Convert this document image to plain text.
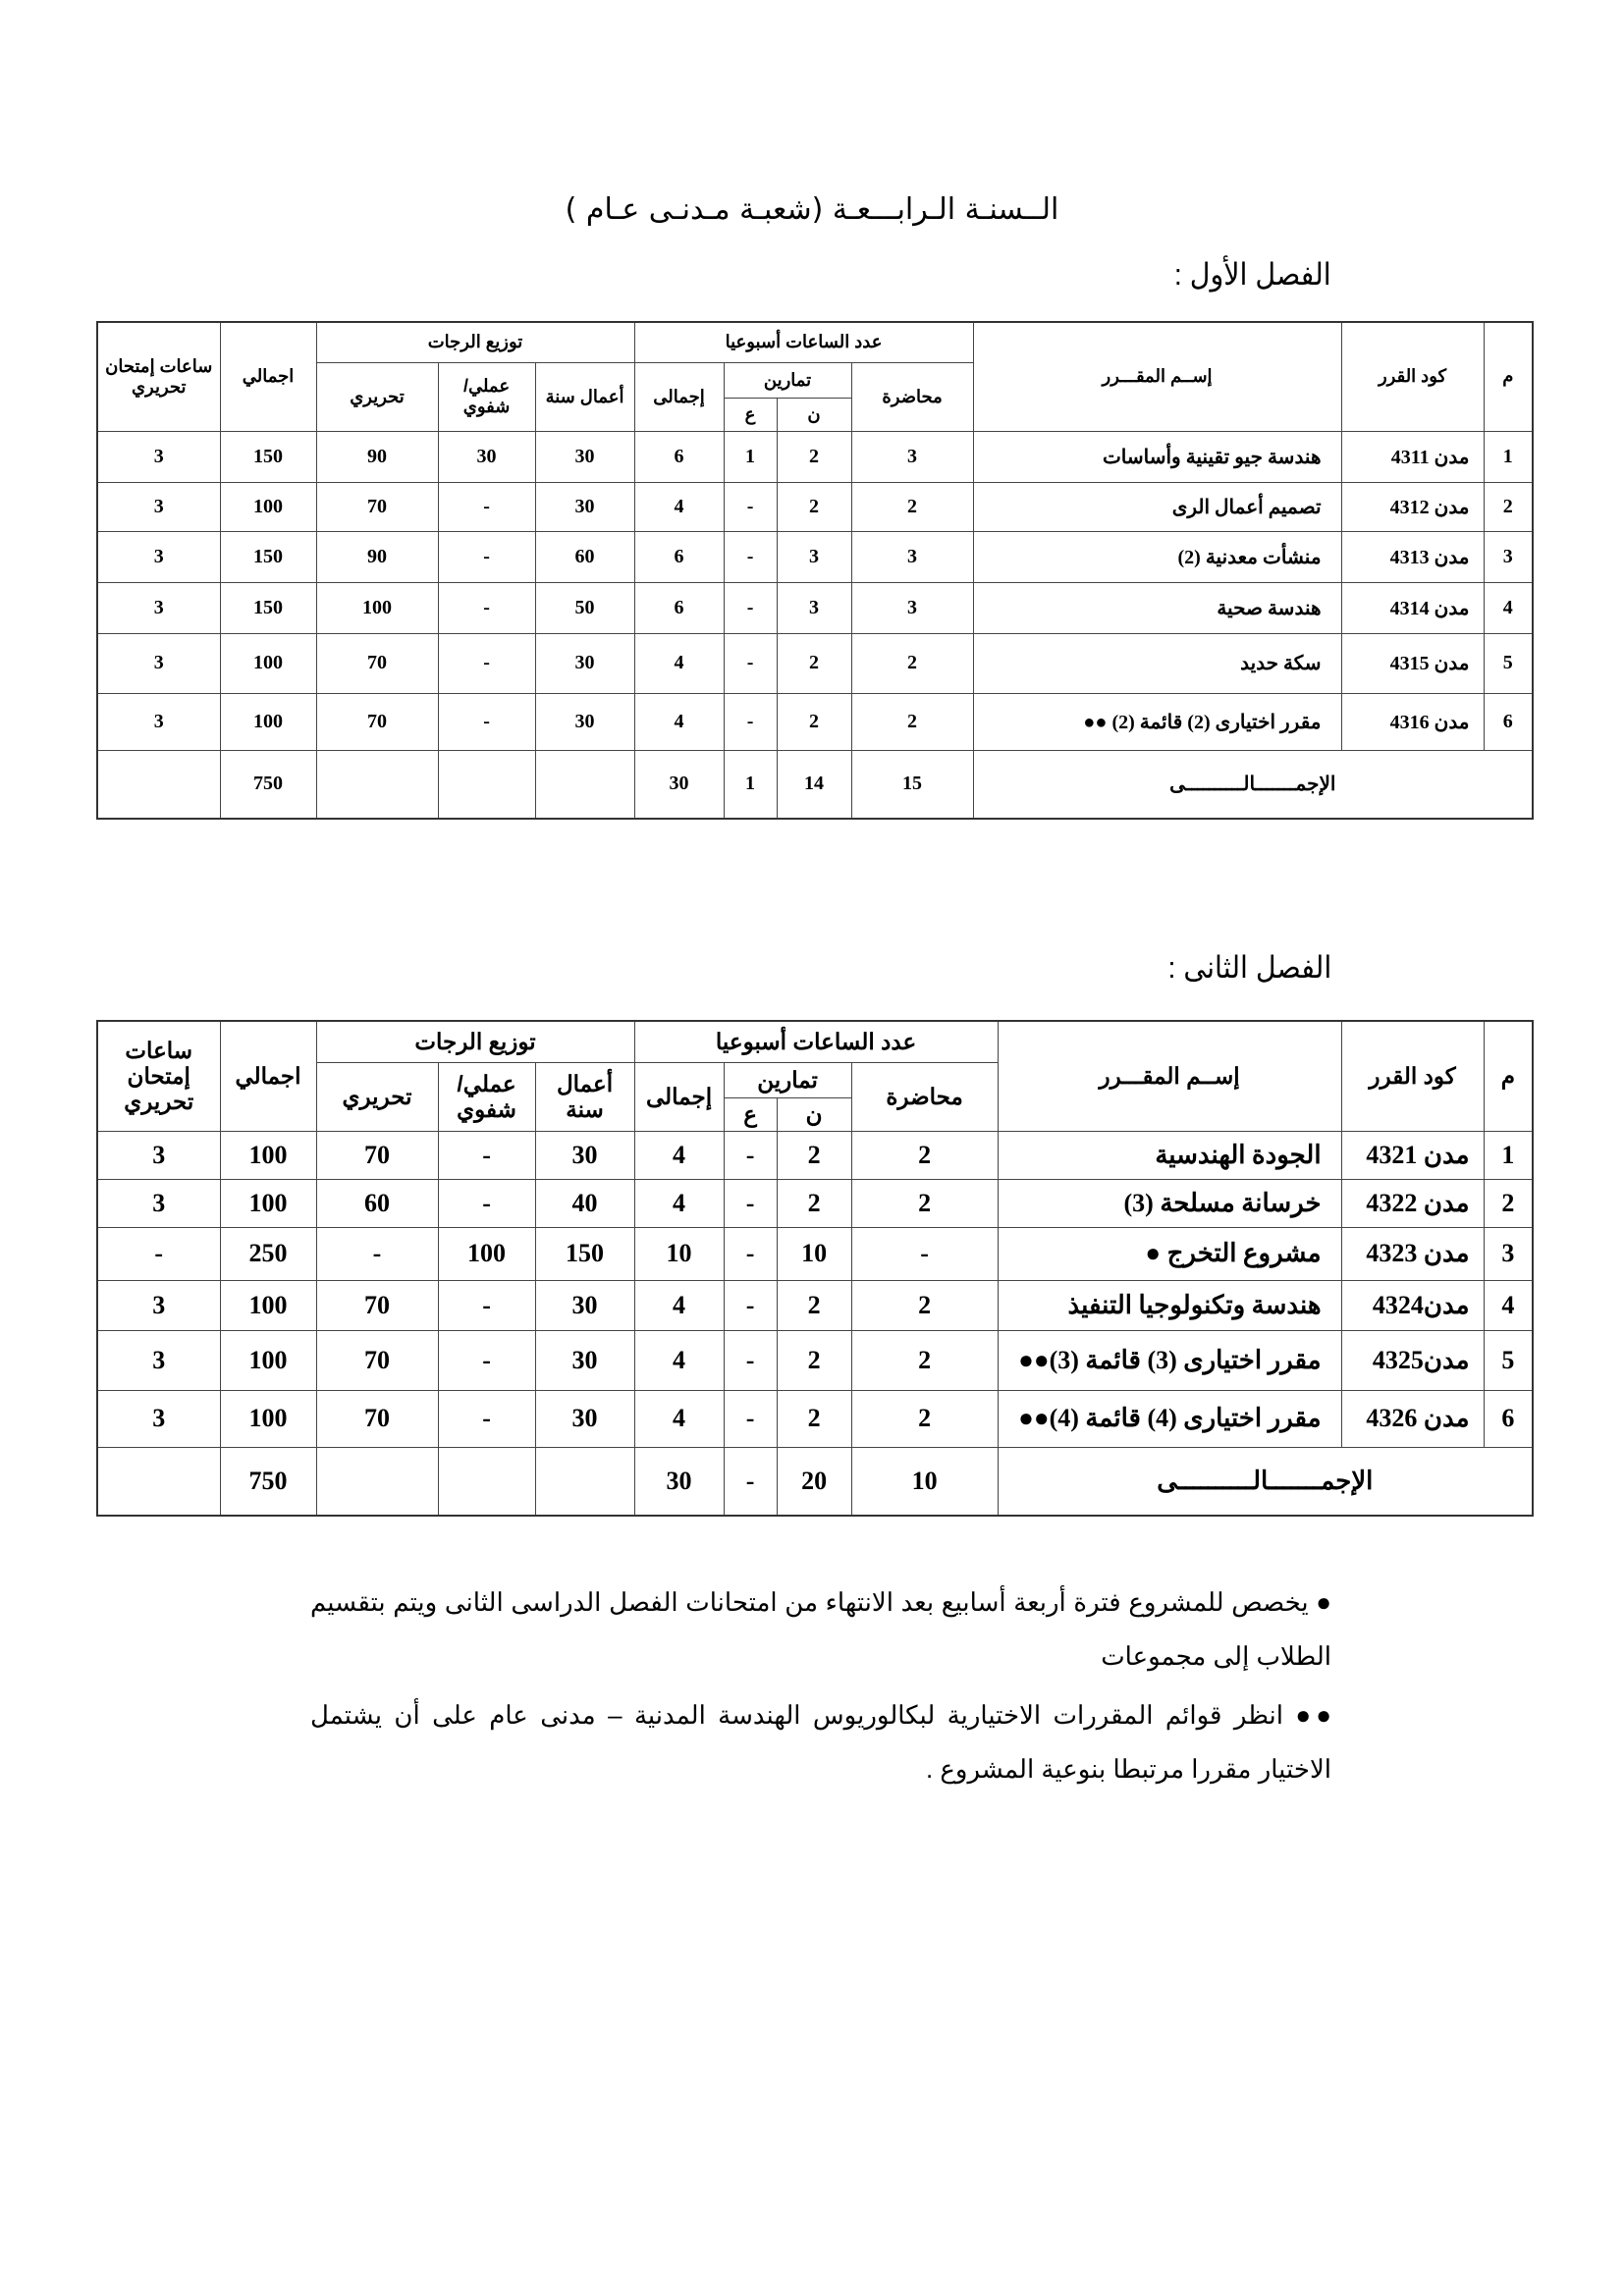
الــسنـة الـرابـــعـة (شعبـة مـدنـى عـام )
الفصل الأول :
م	كود القرر	إســم المقـــرر	عدد الساعات أسبوعيا				توزيع الرجات			اجمالي	ساعات إمتحان تحريري
			محاضرة	تمارين		إجمالى	أعمال سنة	عملي/ شفوي	تحريري		
				ن	ع						
1	مدن 4311	هندسة جيو تقينية وأساسات	3	2	1	6	30	30	90	150	3
2	مدن 4312	تصميم أعمال الرى	2	2	-	4	30	-	70	100	3
3	مدن 4313	منشأت معدنية (2)	3	3	-	6	60	-	90	150	3
4	مدن 4314	هندسة صحية	3	3	-	6	50	-	100	150	3
5	مدن 4315	سكة حديد	2	2	-	4	30	-	70	100	3
6	مدن 4316	مقرر اختيارى (2) قائمة (2) ●●	2	2	-	4	30	-	70	100	3
الإجمـــــــالــــــــــى			15	14	1	30				750	
الفصل الثانى :
م	كود القرر	إســم المقـــرر	عدد الساعات أسبوعيا				توزيع الرجات			اجمالي	ساعات إمتحان تحريري
			محاضرة	تمارين		إجمالى	أعمال سنة	عملي/ شفوي	تحريري		
				ن	ع						
1	مدن 4321	الجودة الهندسية	2	2	-	4	30	-	70	100	3
2	مدن 4322	خرسانة مسلحة (3)	2	2	-	4	40	-	60	100	3
3	مدن 4323	مشروع التخرج ●	-	10	-	10	150	100	-	250	-
4	مدن4324	هندسة وتكنولوجيا التنفيذ	2	2	-	4	30	-	70	100	3
5	مدن4325	مقرر اختيارى (3) قائمة (3)●●	2	2	-	4	30	-	70	100	3
6	مدن 4326	مقرر اختيارى (4) قائمة (4)●●	2	2	-	4	30	-	70	100	3
الإجمـــــــالــــــــــى			10	20	-	30				750	
● يخصص للمشروع فترة أربعة أسابيع بعد الانتهاء من امتحانات الفصل الدراسى الثانى ويتم بتقسيم الطلاب إلى مجموعات
●● انظر قوائم المقررات الاختيارية لبكالوريوس الهندسة المدنية – مدنى عام على أن يشتمل الاختيار مقررا مرتبطا بنوعية المشروع .
